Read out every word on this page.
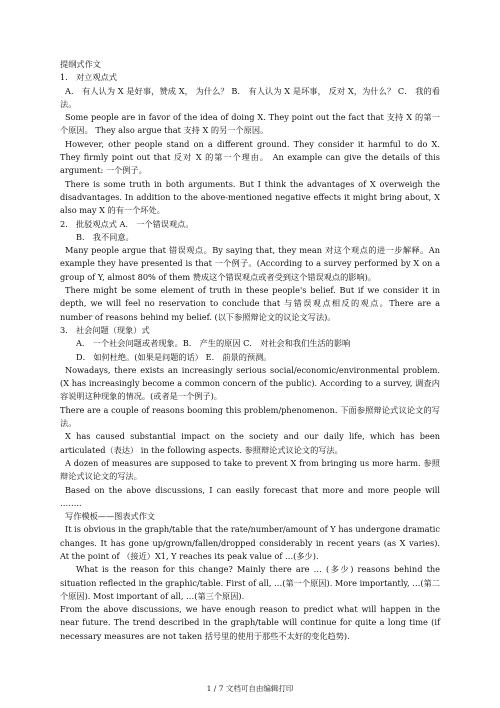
提纲式作文

1． 对立观点式

A． 有人认为 X 是好事，赞成 X， 为什么？ B． 有人认为 X 是坏事， 反对 X，为什么？ C． 我的看法。

Some people are in favor of the idea of doing X. They point out the fact that 支持 X 的第一个原因。 They also argue that 支持 X 的另一个原因。

However, other people stand on a different ground. They consider it harmful to do X. They firmly point out that 反对 X 的第一个理由。 An example can give the details of this argument: 一个例子。

There is some truth in both arguments. But I think the advantages of X overweigh the disadvantages. In addition to the above-mentioned negative effects it might bring about, X also may X 的有一个坏处。

2． 批驳观点式 A． 一个错误观点。

B． 我不同意。

Many people argue that 错误观点。By saying that, they mean 对这个观点的进一步解释。An example they have presented is that 一个例子。(According to a survey performed by X on a group of Y, almost 80% of them 赞成这个错误观点或者受到这个错误观点的影响)。

There might be some element of truth in these people's belief. But if we consider it in depth, we will feel no reservation to conclude that 与错误观点相反的观点。There are a number of reasons behind my belief. (以下参照辩论文的议论文写法)。

3． 社会问题（现象）式

A． 一个社会问题或者现象。B． 产生的原因 C． 对社会和我们生活的影响

D． 如何杜绝。(如果是问题的话） E． 前景的预测。

Nowadays, there exists an increasingly serious social/economic/environmental problem. (X has increasingly become a common concern of the public). According to a survey, 调查内容说明这种现象的情况。(或者是一个例子)。

There are a couple of reasons booming this problem/phenomenon. 下面参照辩论式议论文的写法。

X has caused substantial impact on the society and our daily life, which has been articulated（表达） in the following aspects. 参照辩论式议论文的写法。

A dozen of measures are supposed to take to prevent X from bringing us more harm. 参照辩论式议论文的写法。

Based on the above discussions, I can easily forecast that more and more people will ……..

写作模板——图表式作文

It is obvious in the graph/table that the rate/number/amount of Y has undergone dramatic changes. It has gone up/grown/fallen/dropped considerably in recent years (as X varies). At the point of （接近）X1, Y reaches its peak value of …(多少).

What is the reason for this change? Mainly there are … (多少) reasons behind the situation reflected in the graphic/table. First of all, …(第一个原因). More importantly, …(第二个原因). Most important of all, …(第三个原因).

From the above discussions, we have enough reason to predict what will happen in the near future. The trend described in the graph/table will continue for quite a long time (if necessary measures are not taken 括号里的使用于那些不太好的变化趋势).

1 / 7 文档可自由编辑打印
